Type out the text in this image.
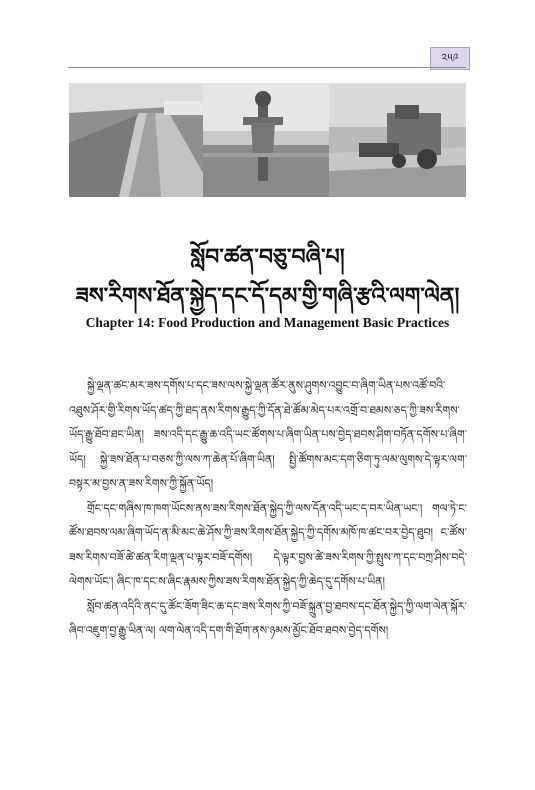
༢༥༩
སློབ་ཚན་བཅུ་བཞི་པ།
ཟས་རིགས་ཐོན་སྐྱེད་དང་དོ་དམ་གྱི་གཞི་རྩའི་ལག་ལེན།
Chapter 14: Food Production and Management Basic Practices

སྐྱེ་ལྡན་ཚང་མར་ཟས་དགོས་པ་དང་ཟས་ལས་སྐྱེ་ལྡན་ཚོར་ནུས་ཤུགས་འབྱུང་བ་ཞིག་ཡིན་པས་འཚོ་བའི་འཐུས་ཤོར་གྱི་རིགས་ཡོད་ཚད་ཀྱི་ཐད་ནས་རིགས་རྒྱུད་ཀྱི་དོན་ཐེ་ཚོམ་མེད་པར་འགྲོ་བ་ཐམས་ཅད་ཀྱི་ཟས་རིགས་ཡོད་རྒྱུ་ཐོབ་ཐང་ཡིན། ཟས་འདི་དང་རྒྱུ་ཆ་འདི་ཡང་ཚོགས་པ་ཞིག་ཡིན་པས་བྱེད་ཐབས་ཤིག་བཏོན་དགོས་པ་ཞིག་ཡོད། སྐྱེ་ཟས་ཐོན་པ་བཅས་ཀྱི་ལས་ཀ་ཆེན་པོ་ཞིག་ཡིན། སྤྱི་ཚོགས་མང་དག་ཅིག་ཏུ་ལམ་ལུགས་དེ་ལྟར་ལག་བསྟར་མ་བྱས་ན་ཟས་རིགས་ཀྱི་སྐྱོན་ཡོད།

གྲོང་དང་གཞིས་ཁ་ཁག་ཡོངས་ནས་ཟས་རིགས་ཐོན་སྐྱེད་ཀྱི་ལས་དོན་འདི་ཡང་ད་བར་ཡིན་ཡང་། གལ་ཏེ་ང་ཚོས་ཐབས་ལམ་ཞིག་ཡོད་ན་མི་མང་ཆེ་ཤོས་ཀྱི་ཟས་རིགས་ཐོན་སྐྱེད་ཀྱི་དགོས་མཁོ་ཁ་ཚང་བར་བྱེད་ཐུབ། ང་ཚོས་ཟས་རིགས་བཟོ་ཚེ་ཚན་རིག་ལྡན་པ་ལྟར་བཟོ་དགོས། དེ་ལྟར་བྱས་ཚེ་ཟས་རིགས་ཀྱི་སྤུས་ཀ་དང་བཀྲ་ཤིས་བདེ་ལེགས་ཡོང་། ཞིང་ཁ་དང་ས་ཞིང་རྣམས་ཀྱིས་ཟས་རིགས་ཐོན་སྐྱེད་ཀྱི་ཆེད་དུ་དགོས་པ་ཡིན།

སློབ་ཚན་འདིའི་ནང་དུ་ཚོང་ཟོག་ཟིང་ཆ་དང་ཟས་རིགས་ཀྱི་བཟོ་སྐྲུན་བྱ་ཐབས་དང་ཐོན་སྐྱེད་ཀྱི་ལག་ལེན་སྐོར་ཞིབ་འཇུག་བྱ་རྒྱུ་ཡིན་ལ། ལག་ལེན་འདི་དག་གི་ཐོག་ནས་ཉམས་མྱོང་ཐོབ་ཐབས་བྱེད་དགོས།
